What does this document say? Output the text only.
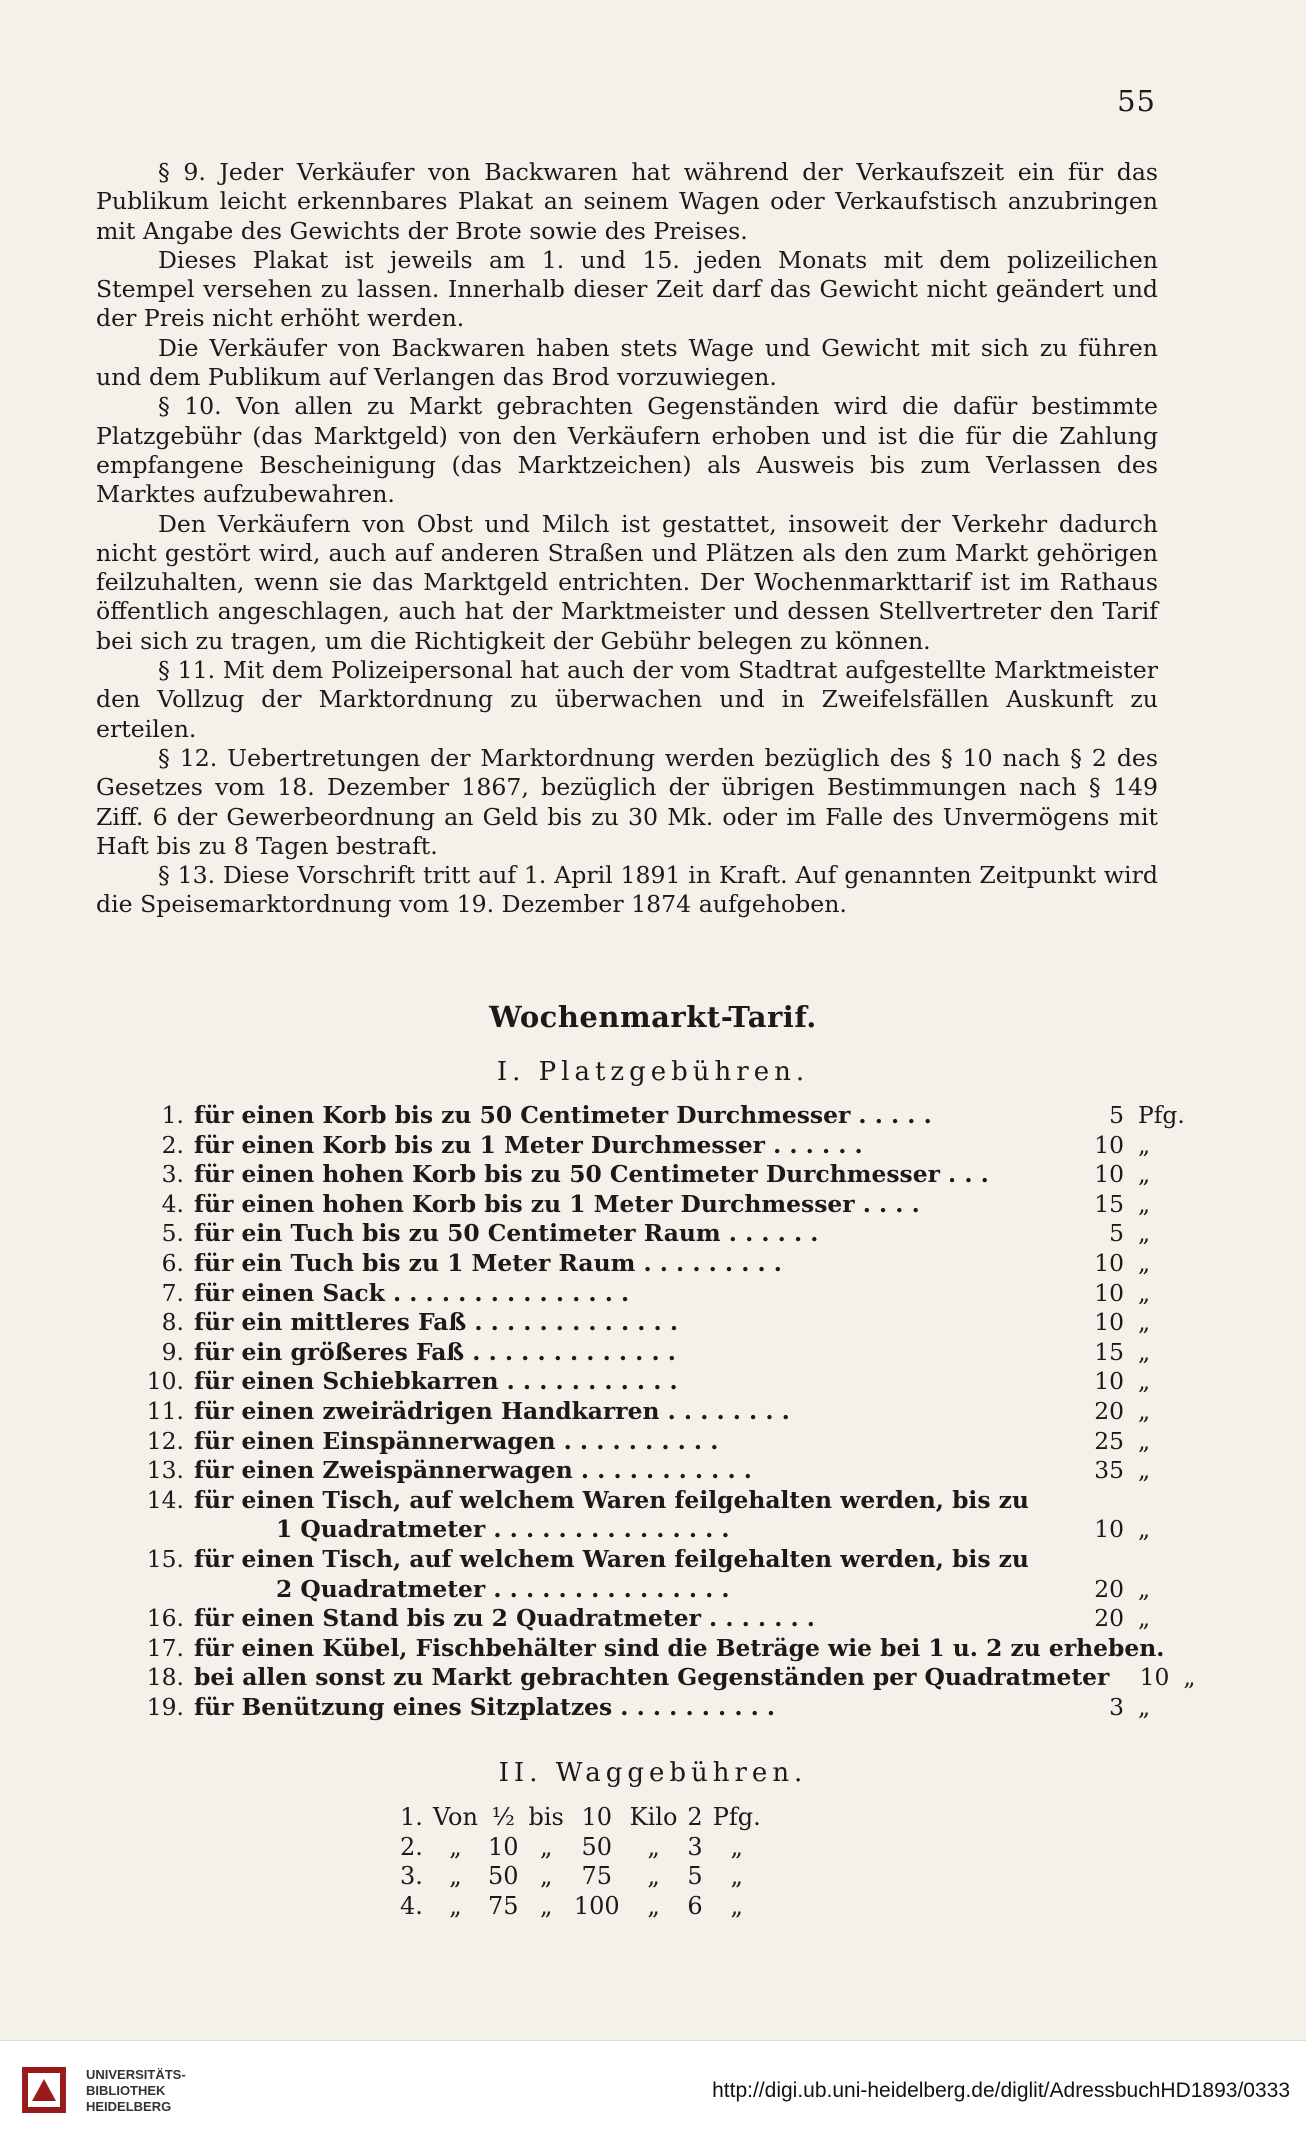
55

§ 9. Jeder Verkäufer von Backwaren hat während der Verkaufszeit ein für das Publikum leicht erkennbares Plakat an seinem Wagen oder Verkaufstisch anzubringen mit Angabe des Gewichts der Brote sowie des Preises.

Dieses Plakat ist jeweils am 1. und 15. jeden Monats mit dem polizeilichen Stempel versehen zu lassen. Innerhalb dieser Zeit darf das Gewicht nicht geändert und der Preis nicht erhöht werden.

Die Verkäufer von Backwaren haben stets Wage und Gewicht mit sich zu führen und dem Publikum auf Verlangen das Brod vorzuwiegen.

§ 10. Von allen zu Markt gebrachten Gegenständen wird die dafür bestimmte Platzgebühr (das Marktgeld) von den Verkäufern erhoben und ist die für die Zahlung empfangene Bescheinigung (das Marktzeichen) als Ausweis bis zum Verlassen des Marktes aufzubewahren.

Den Verkäufern von Obst und Milch ist gestattet, insoweit der Verkehr dadurch nicht gestört wird, auch auf anderen Straßen und Plätzen als den zum Markt gehörigen feilzuhalten, wenn sie das Marktgeld entrichten. Der Wochenmarkttarif ist im Rathaus öffentlich angeschlagen, auch hat der Marktmeister und dessen Stellvertreter den Tarif bei sich zu tragen, um die Richtigkeit der Gebühr belegen zu können.

§ 11. Mit dem Polizeipersonal hat auch der vom Stadtrat aufgestellte Marktmeister den Vollzug der Marktordnung zu überwachen und in Zweifelsfällen Auskunft zu erteilen.

§ 12. Uebertretungen der Marktordnung werden bezüglich des § 10 nach § 2 des Gesetzes vom 18. Dezember 1867, bezüglich der übrigen Bestimmungen nach § 149 Ziff. 6 der Gewerbeordnung an Geld bis zu 30 Mk. oder im Falle des Unvermögens mit Haft bis zu 8 Tagen bestraft.

§ 13. Diese Vorschrift tritt auf 1. April 1891 in Kraft. Auf genannten Zeitpunkt wird die Speisemarktordnung vom 19. Dezember 1874 aufgehoben.

Wochenmarkt-Tarif.
I. Platzgebühren.
1. für einen Korb bis zu 50 Centimeter Durchmesser . . . . .	5 Pfg.
2. für einen Korb bis zu 1 Meter Durchmesser . . . . . .	10 „
3. für einen hohen Korb bis zu 50 Centimeter Durchmesser . . .	10 „
4. für einen hohen Korb bis zu 1 Meter Durchmesser . . . .	15 „
5. für ein Tuch bis zu 50 Centimeter Raum . . . . . .	5 „
6. für ein Tuch bis zu 1 Meter Raum . . . . . . . . .	10 „
7. für einen Sack . . . . . . . . . . . . . . .	10 „
8. für ein mittleres Faß . . . . . . . . . . . . .	10 „
9. für ein größeres Faß . . . . . . . . . . . . .	15 „
10. für einen Schiebkarren . . . . . . . . . . .	10 „
11. für einen zweirädrigen Handkarren . . . . . . . .	20 „
12. für einen Einspännerwagen . . . . . . . . . .	25 „
13. für einen Zweispännerwagen . . . . . . . . . . .	35 „
14. für einen Tisch, auf welchem Waren feilgehalten werden, bis zu
1 Quadratmeter . . . . . . . . . . . . . . .	10 „
15. für einen Tisch, auf welchem Waren feilgehalten werden, bis zu
2 Quadratmeter . . . . . . . . . . . . . . .	20 „
16. für einen Stand bis zu 2 Quadratmeter . . . . . . .	20 „
17. für einen Kübel, Fischbehälter sind die Beträge wie bei 1 u. 2 zu erheben.
18. bei allen sonst zu Markt gebrachten Gegenständen per Quadratmeter	10 „
19. für Benützung eines Sitzplatzes . . . . . . . . . .	3 „
II. Waggebühren.
1.	Von	½	bis	10	Kilo	2	Pfg.
2.	„	10	„	50	„	3	„
3.	„	50	„	75	„	5	„
4.	„	75	„	100	„	6	„
UNIVERSITÄTS-
BIBLIOTHEK
HEIDELBERG
http://digi.ub.uni-heidelberg.de/diglit/AdressbuchHD1893/0333
